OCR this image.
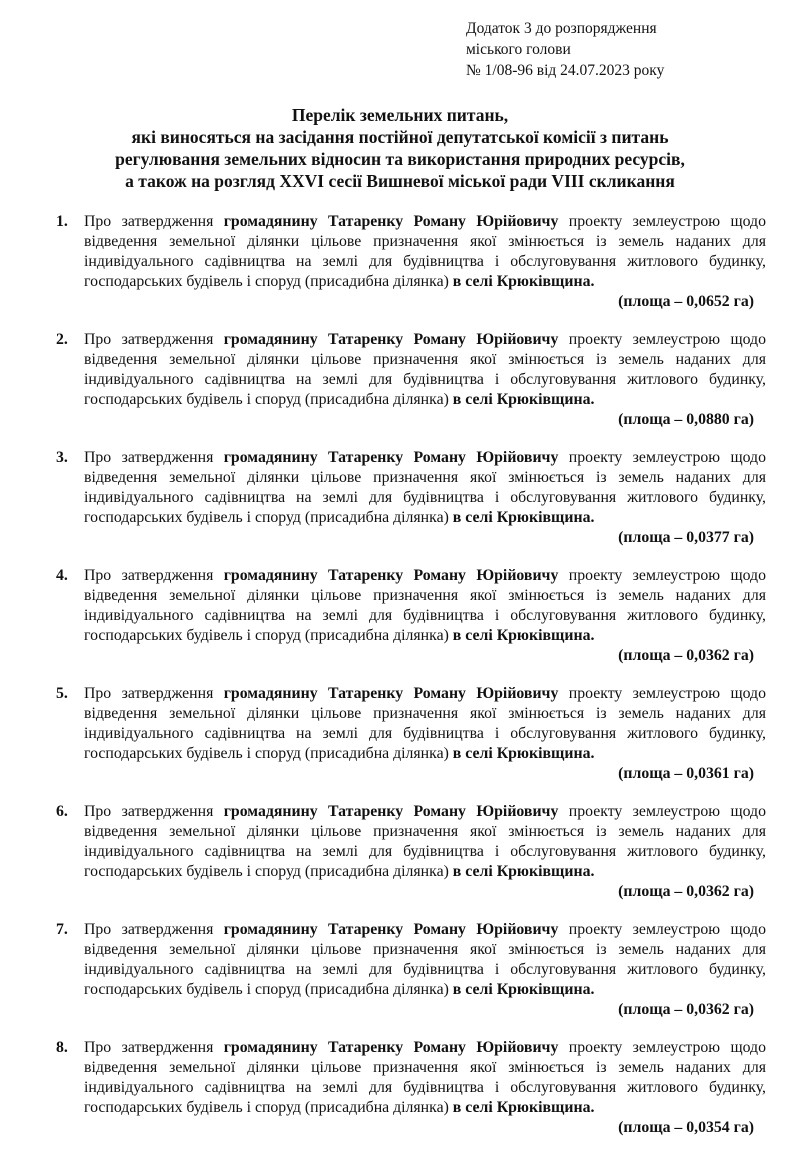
Додаток 3 до розпорядження
міського голови
№ 1/08-96 від 24.07.2023 року
Перелік земельних питань,
які виносяться на засідання постійної депутатської комісії з питань
регулювання земельних відносин та використання природних ресурсів,
а також на розгляд XXVI сесії Вишневої міської ради VIII скликання
1. Про затвердження громадянину Татаренку Роману Юрійовичу проекту землеустрою щодо відведення земельної ділянки цільове призначення якої змінюється із земель наданих для індивідуального садівництва на землі для будівництва і обслуговування житлового будинку, господарських будівель і споруд (присадибна ділянка) в селі Крюківщина.
(площа – 0,0652 га)
2. Про затвердження громадянину Татаренку Роману Юрійовичу проекту землеустрою щодо відведення земельної ділянки цільове призначення якої змінюється із земель наданих для індивідуального садівництва на землі для будівництва і обслуговування житлового будинку, господарських будівель і споруд (присадибна ділянка) в селі Крюківщина.
(площа – 0,0880 га)
3. Про затвердження громадянину Татаренку Роману Юрійовичу проекту землеустрою щодо відведення земельної ділянки цільове призначення якої змінюється із земель наданих для індивідуального садівництва на землі для будівництва і обслуговування житлового будинку, господарських будівель і споруд (присадибна ділянка) в селі Крюківщина.
(площа – 0,0377 га)
4. Про затвердження громадянину Татаренку Роману Юрійовичу проекту землеустрою щодо відведення земельної ділянки цільове призначення якої змінюється із земель наданих для індивідуального садівництва на землі для будівництва і обслуговування житлового будинку, господарських будівель і споруд (присадибна ділянка) в селі Крюківщина.
(площа – 0,0362 га)
5. Про затвердження громадянину Татаренку Роману Юрійовичу проекту землеустрою щодо відведення земельної ділянки цільове призначення якої змінюється із земель наданих для індивідуального садівництва на землі для будівництва і обслуговування житлового будинку, господарських будівель і споруд (присадибна ділянка) в селі Крюківщина.
(площа – 0,0361 га)
6. Про затвердження громадянину Татаренку Роману Юрійовичу проекту землеустрою щодо відведення земельної ділянки цільове призначення якої змінюється із земель наданих для індивідуального садівництва на землі для будівництва і обслуговування житлового будинку, господарських будівель і споруд (присадибна ділянка) в селі Крюківщина.
(площа – 0,0362 га)
7. Про затвердження громадянину Татаренку Роману Юрійовичу проекту землеустрою щодо відведення земельної ділянки цільове призначення якої змінюється із земель наданих для індивідуального садівництва на землі для будівництва і обслуговування житлового будинку, господарських будівель і споруд (присадибна ділянка) в селі Крюківщина.
(площа – 0,0362 га)
8. Про затвердження громадянину Татаренку Роману Юрійовичу проекту землеустрою щодо відведення земельної ділянки цільове призначення якої змінюється із земель наданих для індивідуального садівництва на землі для будівництва і обслуговування житлового будинку, господарських будівель і споруд (присадибна ділянка) в селі Крюківщина.
(площа – 0,0354 га)
